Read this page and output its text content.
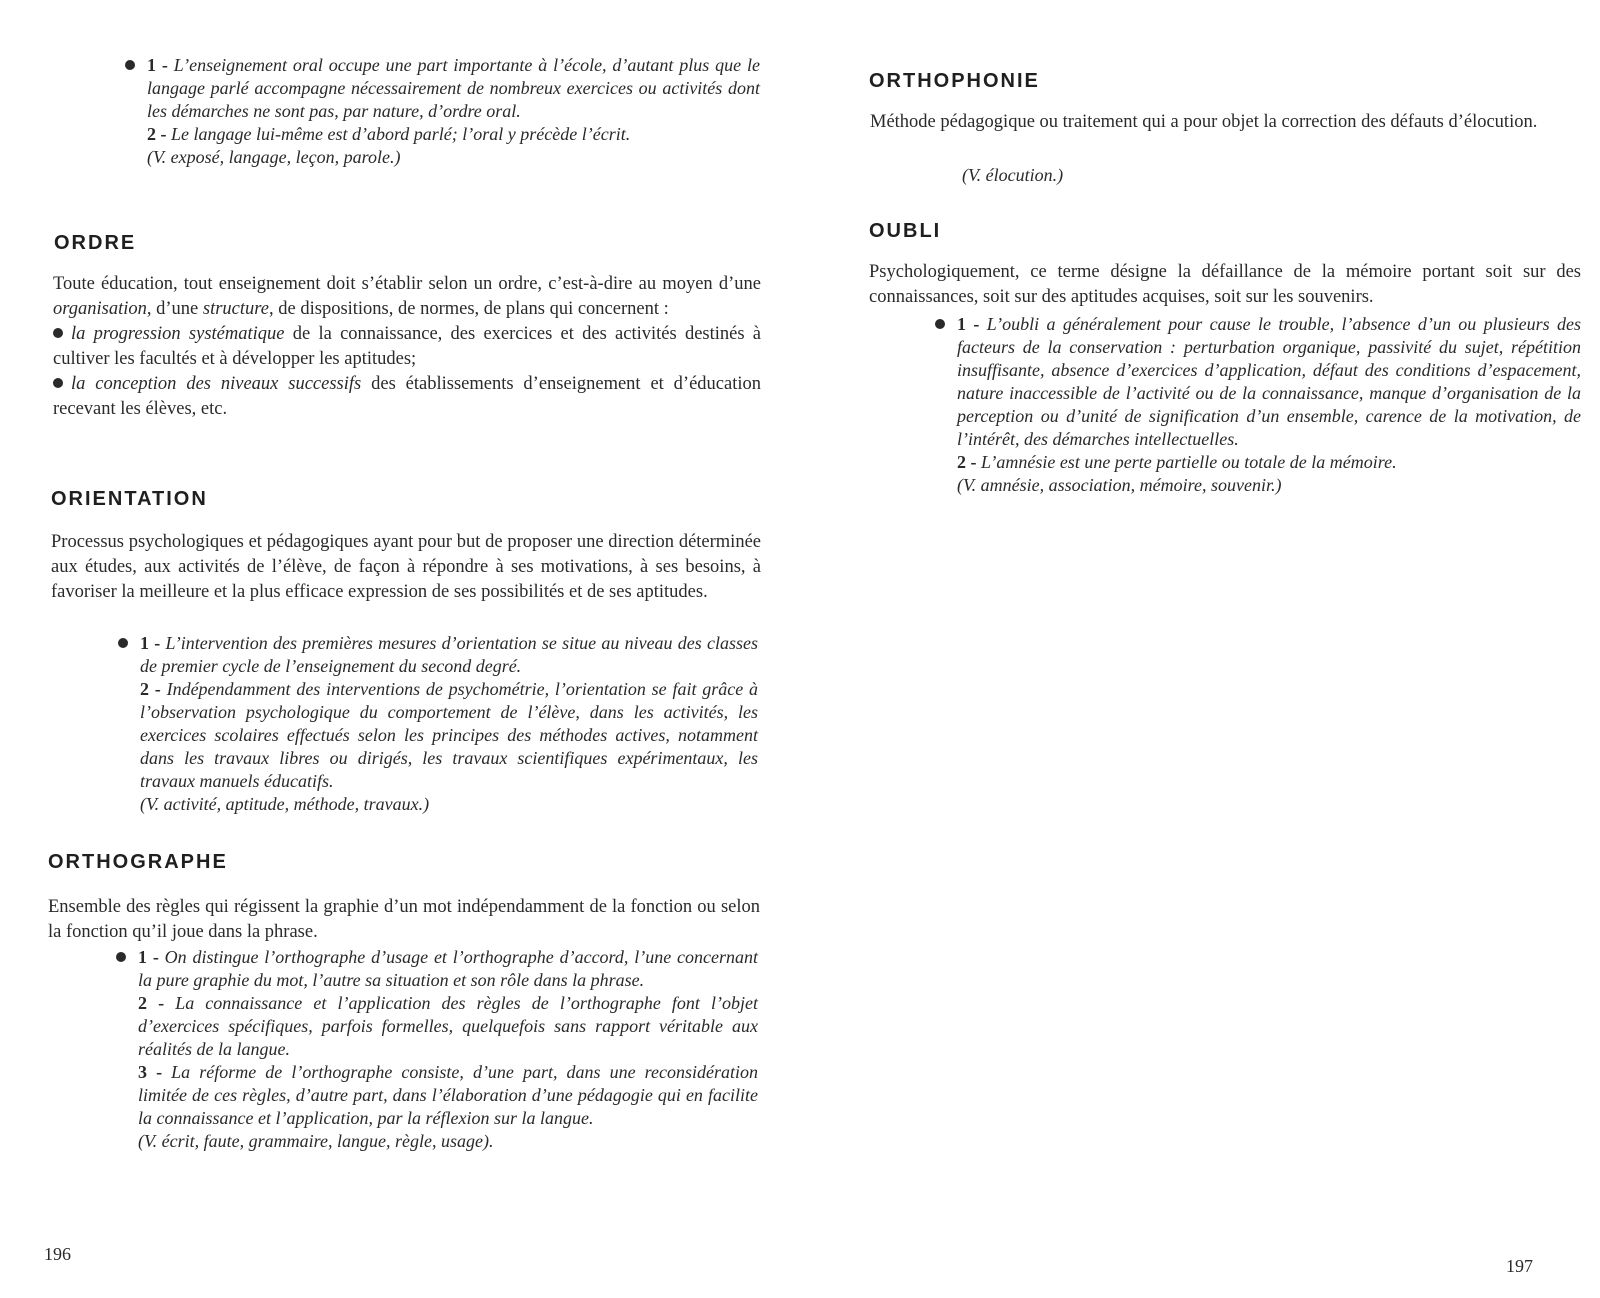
1 - L’enseignement oral occupe une part importante à l’école, d’autant plus que le langage parlé accompagne nécessairement de nombreux exercices ou activités dont les démarches ne sont pas, par nature, d’ordre oral.
2 - Le langage lui-même est d’abord parlé; l’oral y précède l’écrit.

(V. exposé, langage, leçon, parole.)

ORDRE
Toute éducation, tout enseignement doit s’établir selon un ordre, c’est-à-dire au moyen d’une organisation, d’une structure, de dispositions, de normes, de plans qui concernent :
la progression systématique de la connaissance, des exercices et des activités destinés à cultiver les facultés et à développer les aptitudes;
la conception des niveaux successifs des établissements d’enseignement et d’éducation recevant les élèves, etc.
ORIENTATION
Processus psychologiques et pédagogiques ayant pour but de proposer une direction déterminée aux études, aux activités de l’élève, de façon à répondre à ses motivations, à ses besoins, à favoriser la meilleure et la plus efficace expression de ses possibilités et de ses aptitudes.
1 - L’intervention des premières mesures d’orientation se situe au niveau des classes de premier cycle de l’enseignement du second degré.
2 - Indépendamment des interventions de psychométrie, l’orientation se fait grâce à l’observation psychologique du comportement de l’élève, dans les activités, les exercices scolaires effectués selon les principes des méthodes actives, notamment dans les travaux libres ou dirigés, les travaux scientifiques expérimentaux, les travaux manuels éducatifs.

(V. activité, aptitude, méthode, travaux.)

ORTHOGRAPHE
Ensemble des règles qui régissent la graphie d’un mot indépendamment de la fonction ou selon la fonction qu’il joue dans la phrase.
1 - On distingue l’orthographe d’usage et l’orthographe d’accord, l’une concernant la pure graphie du mot, l’autre sa situation et son rôle dans la phrase.
2 - La connaissance et l’application des règles de l’orthographe font l’objet d’exercices spécifiques, parfois formelles, quelquefois sans rapport véritable aux réalités de la langue.
3 - La réforme de l’orthographe consiste, d’une part, dans une reconsidération limitée de ces règles, d’autre part, dans l’élaboration d’une pédagogie qui en facilite la connaissance et l’application, par la réflexion sur la langue.

(V. écrit, faute, grammaire, langue, règle, usage).

196
ORTHOPHONIE
Méthode pédagogique ou traitement qui a pour objet la correction des défauts d’élocution.

(V. élocution.)

OUBLI
Psychologiquement, ce terme désigne la défaillance de la mémoire portant soit sur des connaissances, soit sur des aptitudes acquises, soit sur les souvenirs.
1 - L’oubli a généralement pour cause le trouble, l’absence d’un ou plusieurs des facteurs de la conservation : perturbation organique, passivité du sujet, répétition insuffisante, absence d’exercices d’application, défaut des conditions d’espacement, nature inaccessible de l’activité ou de la connaissance, manque d’organisation de la perception ou d’unité de signification d’un ensemble, carence de la motivation, de l’intérêt, des démarches intellectuelles.
2 - L’amnésie est une perte partielle ou totale de la mémoire.

(V. amnésie, association, mémoire, souvenir.)

197
